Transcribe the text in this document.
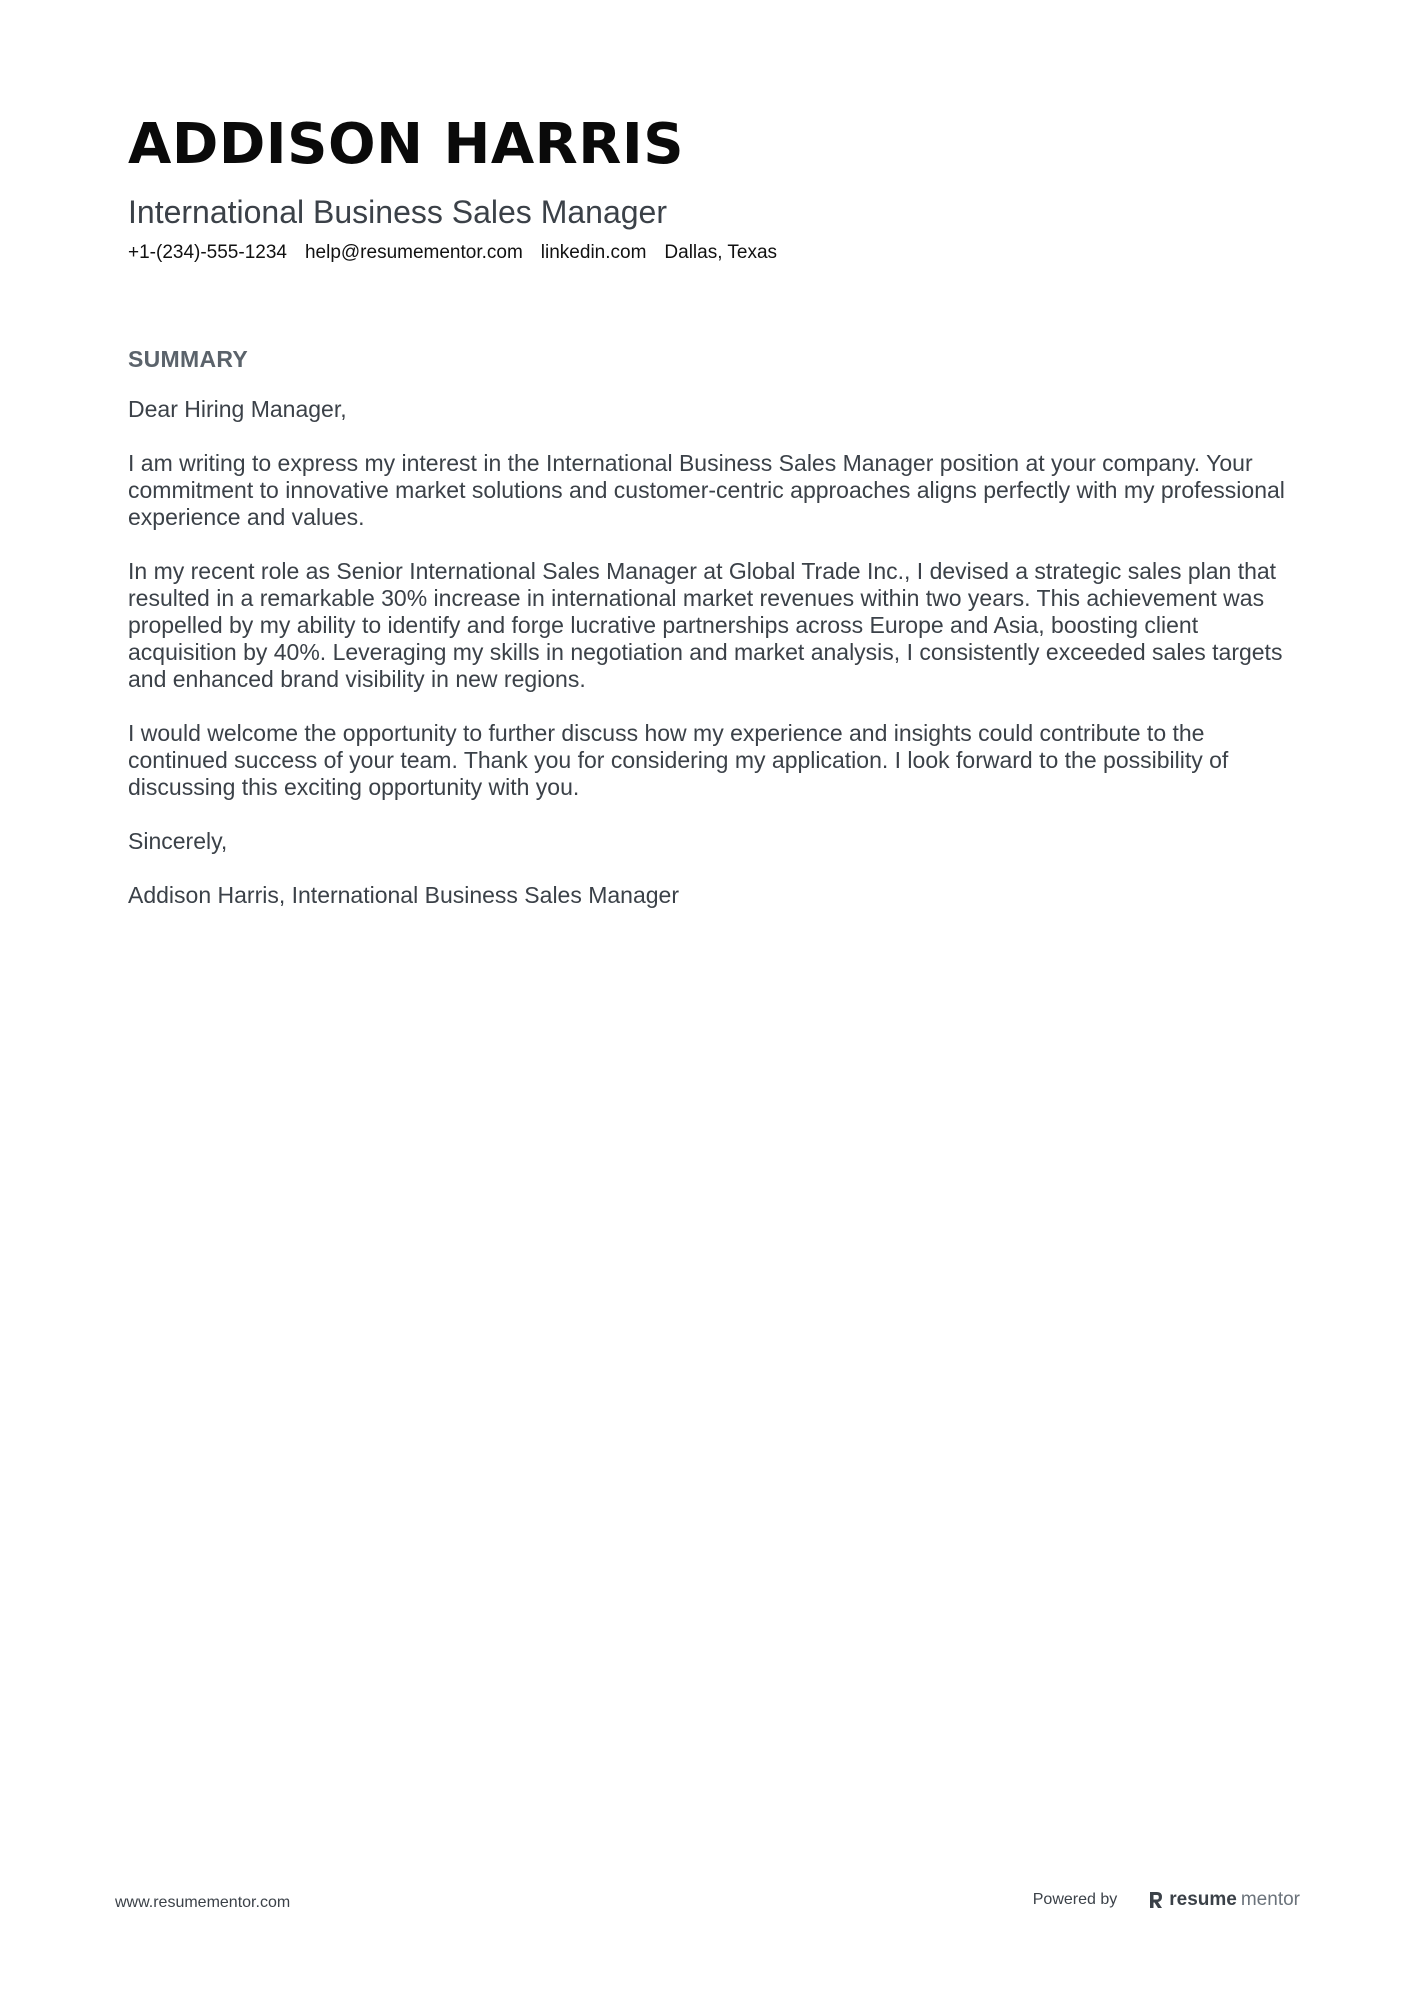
ADDISON HARRIS
International Business Sales Manager
+1-(234)-555-1234 help@resumementor.com linkedin.com Dallas, Texas
SUMMARY

Dear Hiring Manager,

I am writing to express my interest in the International Business Sales Manager position at your company. Your commitment to innovative market solutions and customer-centric approaches aligns perfectly with my professional experience and values.

In my recent role as Senior International Sales Manager at Global Trade Inc., I devised a strategic sales plan that resulted in a remarkable 30% increase in international market revenues within two years. This achievement was propelled by my ability to identify and forge lucrative partnerships across Europe and Asia, boosting client acquisition by 40%. Leveraging my skills in negotiation and market analysis, I consistently exceeded sales targets and enhanced brand visibility in new regions.

I would welcome the opportunity to further discuss how my experience and insights could contribute to the continued success of your team. Thank you for considering my application. I look forward to the possibility of discussing this exciting opportunity with you.

Sincerely,

Addison Harris, International Business Sales Manager

www.resumementor.com	Powered by	resume mentor
